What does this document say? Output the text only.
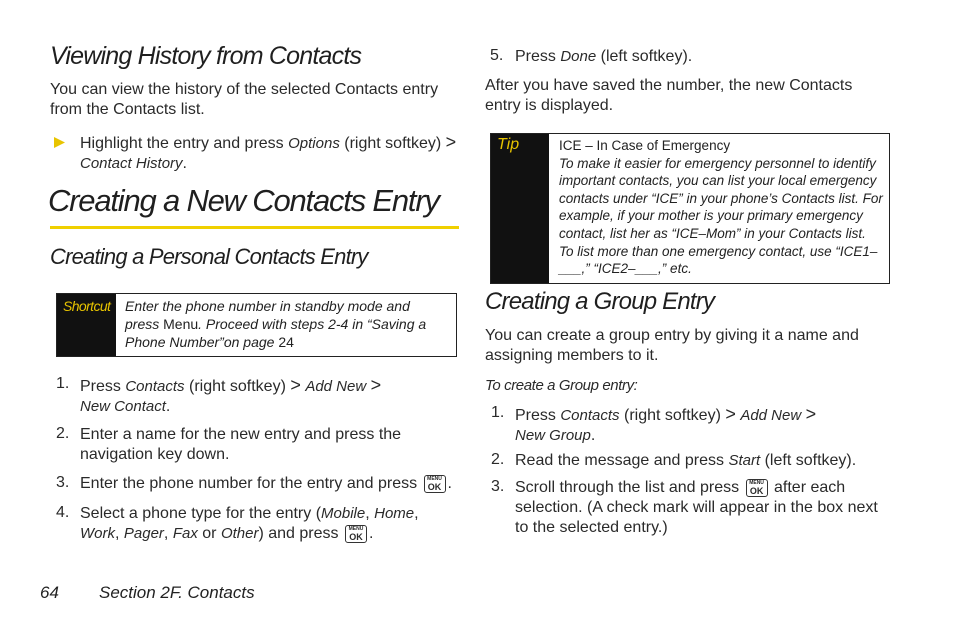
Viewing History from Contacts
You can view the history of the selected Contacts entry from the Contacts list.
Highlight the entry and press Options (right softkey) >
Contact History.
Creating a New Contacts Entry
Creating a Personal Contacts Entry
Shortcut Enter the phone number in standby mode and press Menu. Proceed with steps 2-4 in “Saving a Phone Number”on page 24
1. Press Contacts (right softkey) > Add New >
New Contact.
2. Enter a name for the new entry and press the navigation key down.
3. Enter the phone number for the entry and press	MENU
OK .
4. Select a phone type for the entry (Mobile, Home,
Work, Pager, Fax or Other) and press	MENU
OK .
5. Press Done (left softkey).
After you have saved the number, the new Contacts entry is displayed.
Tip	ICE – In Case of Emergency
To make it easier for emergency personnel to identify important contacts, you can list your local emergency contacts under “ICE” in your phone’s Contacts list. For example, if your mother is your primary emergency contact, list her as “ICE–Mom” in your Contacts list. To list more than one emergency contact, use “ICE1–___,” “ICE2–___,” etc.
Creating a Group Entry
You can create a group entry by giving it a name and assigning members to it.
To create a Group entry:
1. Press Contacts (right softkey) > Add New >
New Group.
2. Read the message and press Start (left softkey).
3. Scroll through the list and press	MENU
OK after each selection. (A check mark will appear in the box next to the selected entry.)
64 Section 2F. Contacts
